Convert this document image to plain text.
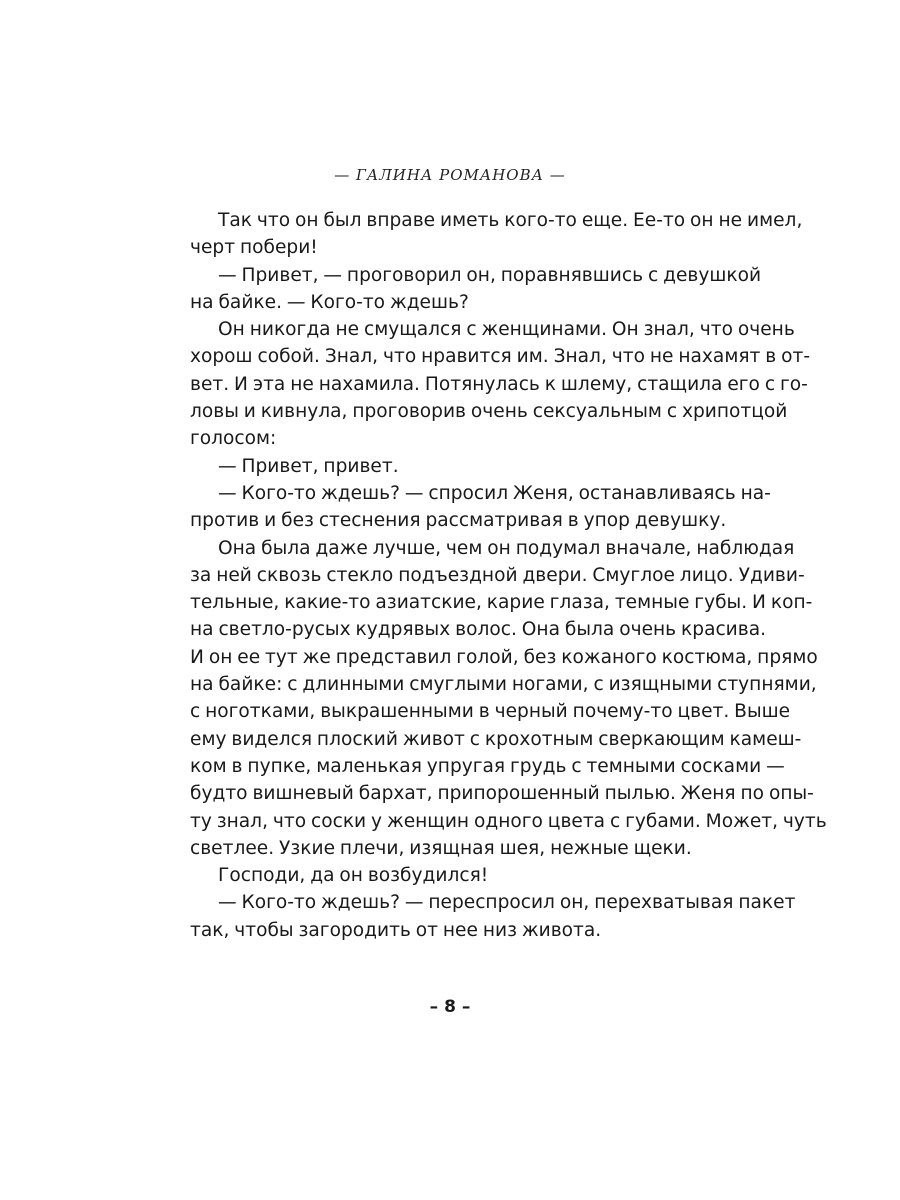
— ГАЛИНА РОМАНОВА —
Так что он был вправе иметь кого-то еще. Ее-то он не имел,
черт побери!
— Привет, — проговорил он, поравнявшись с девушкой
на байке. — Кого-то ждешь?
Он никогда не смущался с женщинами. Он знал, что очень
хорош собой. Знал, что нравится им. Знал, что не нахамят в от-
вет. И эта не нахамила. Потянулась к шлему, стащила его с го-
ловы и кивнула, проговорив очень сексуальным с хрипотцой
голосом:
— Привет, привет.
— Кого-то ждешь? — спросил Женя, останавливаясь на-
против и без стеснения рассматривая в упор девушку.
Она была даже лучше, чем он подумал вначале, наблюдая
за ней сквозь стекло подъездной двери. Смуглое лицо. Удиви-
тельные, какие-то азиатские, карие глаза, темные губы. И коп-
на светло-русых кудрявых волос. Она была очень красива.
И он ее тут же представил голой, без кожаного костюма, прямо
на байке: с длинными смуглыми ногами, с изящными ступнями,
с ноготками, выкрашенными в черный почему-то цвет. Выше
ему виделся плоский живот с крохотным сверкающим камеш-
ком в пупке, маленькая упругая грудь с темными сосками —
будто вишневый бархат, припорошенный пылью. Женя по опы-
ту знал, что соски у женщин одного цвета с губами. Может, чуть
светлее. Узкие плечи, изящная шея, нежные щеки.
Господи, да он возбудился!
— Кого-то ждешь? — переспросил он, перехватывая пакет
так, чтобы загородить от нее низ живота.
– 8 –
